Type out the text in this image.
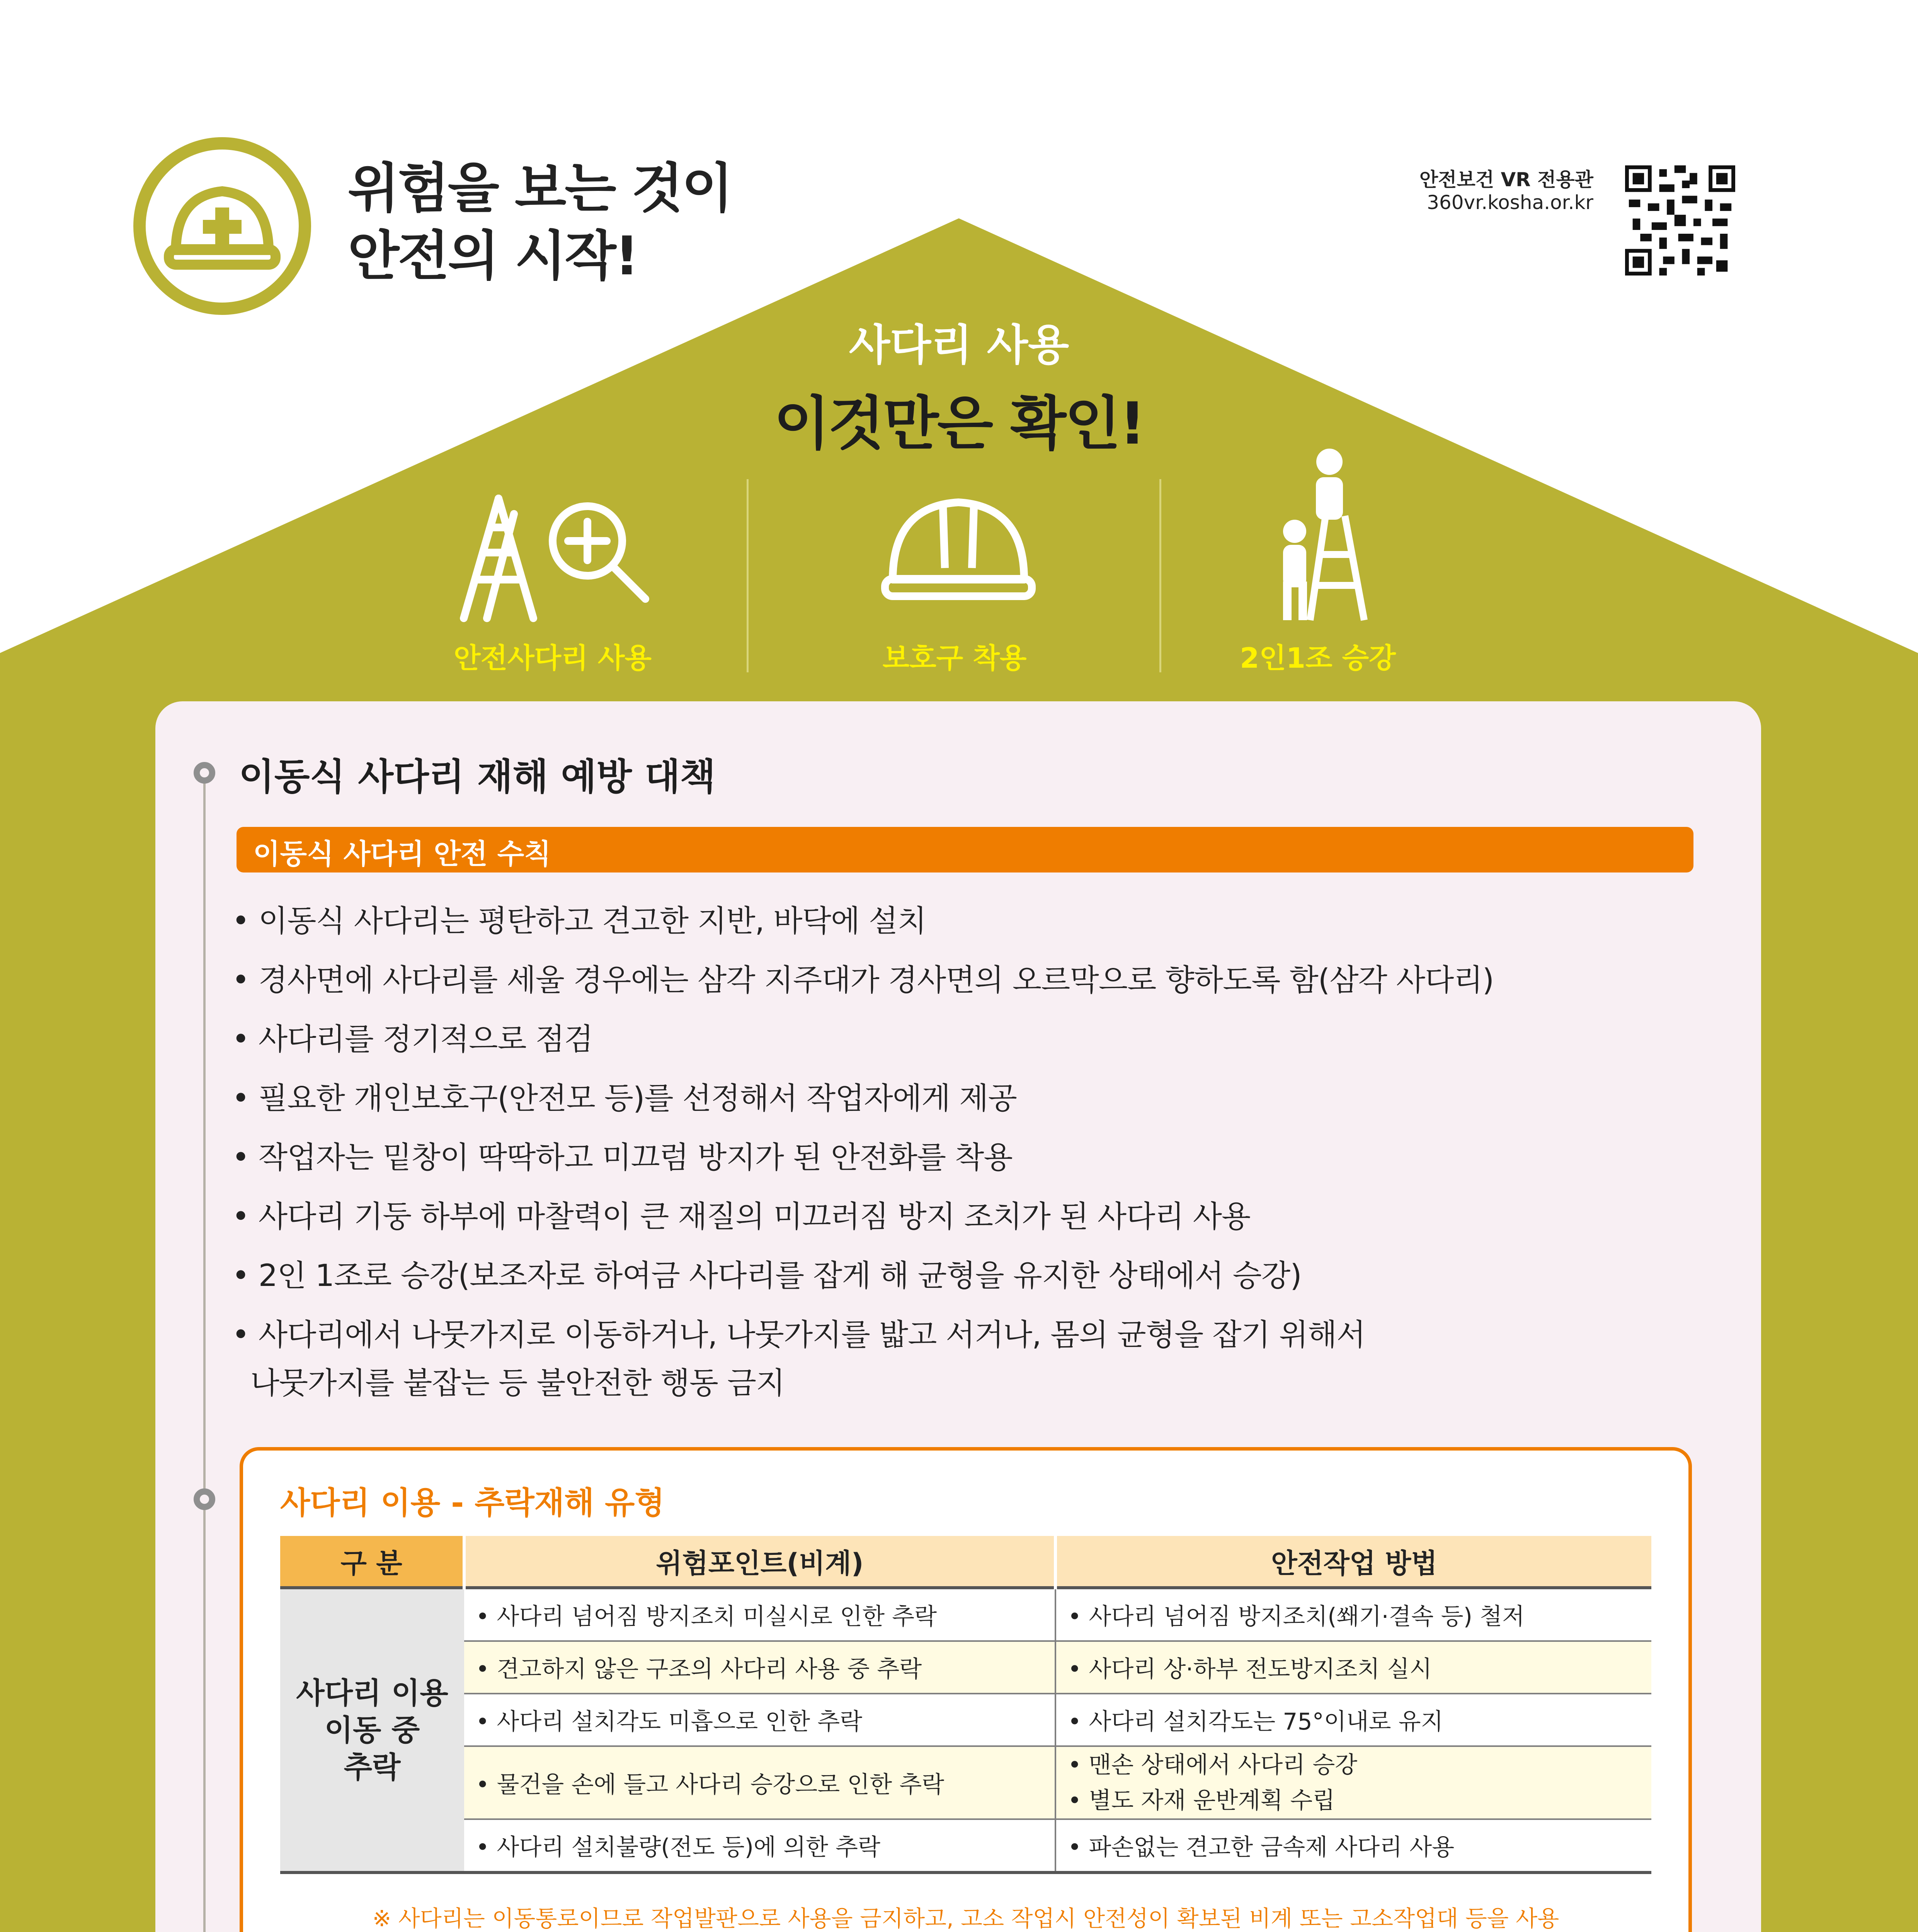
위험을 보는 것이
안전의 시작!
안전보건 VR 전용관
360vr.kosha.or.kr
사다리 사용
이것만은 확인!
안전사다리 사용	보호구 착용	2인1조 승강
이동식 사다리 재해 예방 대책
이동식 사다리 안전 수칙
• 이동식 사다리는 평탄하고 견고한 지반, 바닥에 설치
• 경사면에 사다리를 세울 경우에는 삼각 지주대가 경사면의 오르막으로 향하도록 함(삼각 사다리)
• 사다리를 정기적으로 점검
• 필요한 개인보호구(안전모 등)를 선정해서 작업자에게 제공
• 작업자는 밑창이 딱딱하고 미끄럼 방지가 된 안전화를 착용
• 사다리 기둥 하부에 마찰력이 큰 재질의 미끄러짐 방지 조치가 된 사다리 사용
• 2인 1조로 승강(보조자로 하여금 사다리를 잡게 해 균형을 유지한 상태에서 승강)
• 사다리에서 나뭇가지로 이동하거나, 나뭇가지를 밟고 서거나, 몸의 균형을 잡기 위해서
나뭇가지를 붙잡는 등 불안전한 행동 금지
사다리 이용 - 추락재해 유형
구 분	위험포인트(비계)	안전작업 방법
사다리 이용
이동 중
추락	• 사다리 넘어짐 방지조치 미실시로 인한 추락	• 사다리 넘어짐 방지조치(쐐기·결속 등) 철저
	• 견고하지 않은 구조의 사다리 사용 중 추락	• 사다리 상·하부 전도방지조치 실시
	• 사다리 설치각도 미흡으로 인한 추락	• 사다리 설치각도는 75°이내로 유지
	• 물건을 손에 들고 사다리 승강으로 인한 추락	• 맨손 상태에서 사다리 승강
• 별도 자재 운반계획 수립
	• 사다리 설치불량(전도 등)에 의한 추락	• 파손없는 견고한 금속제 사다리 사용
※ 사다리는 이동통로이므로 작업발판으로 사용을 금지하고, 고소 작업시 안전성이 확보된 비계 또는 고소작업대 등을 사용
